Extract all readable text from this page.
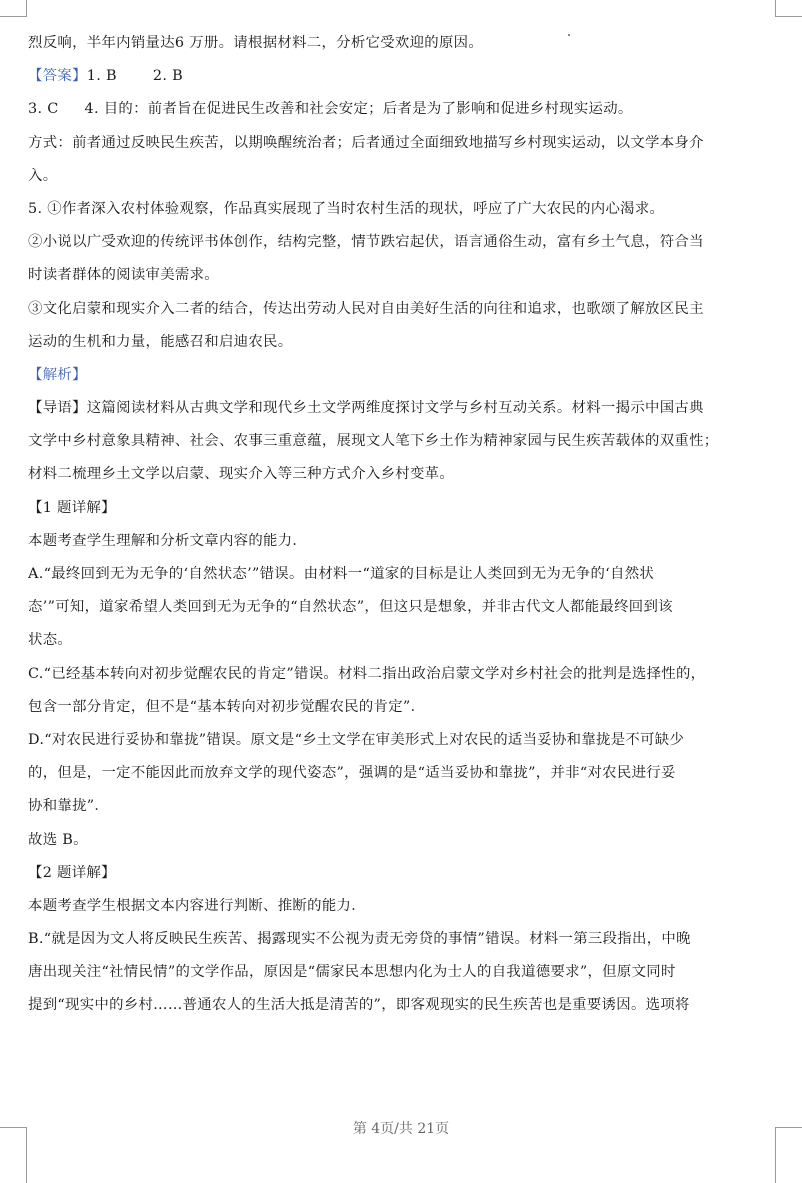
烈反响，半年内销量达6 万册。请根据材料二，分析它受欢迎的原因。
【答案】1. B	2. B
3. C 4. 目的：前者旨在促进民生改善和社会安定；后者是为了影响和促进乡村现实运动。
方式：前者通过反映民生疾苦，以期唤醒统治者；后者通过全面细致地描写乡村现实运动，以文学本身介
入。
5. ①作者深入农村体验观察，作品真实展现了当时农村生活的现状，呼应了广大农民的内心渴求。
②小说以广受欢迎的传统评书体创作，结构完整，情节跌宕起伏，语言通俗生动，富有乡土气息，符合当
时读者群体的阅读审美需求。
③文化启蒙和现实介入二者的结合，传达出劳动人民对自由美好生活的向往和追求，也歌颂了解放区民主
运动的生机和力量，能感召和启迪农民。
【解析】
【导语】这篇阅读材料从古典文学和现代乡土文学两维度探讨文学与乡村互动关系。材料一揭示中国古典
文学中乡村意象具精神、社会、农事三重意蕴，展现文人笔下乡土作为精神家园与民生疾苦载体的双重性；
材料二梳理乡土文学以启蒙、现实介入等三种方式介入乡村变革。
【1 题详解】
本题考查学生理解和分析文章内容的能力．
A.“最终回到无为无争的‘自然状态’”错误。由材料一“道家的目标是让人类回到无为无争的‘自然状
态’”可知，道家希望人类回到无为无争的“自然状态”，但这只是想象，并非古代文人都能最终回到该
状态。
C.“已经基本转向对初步觉醒农民的肯定”错误。材料二指出政治启蒙文学对乡村社会的批判是选择性的，
包含一部分肯定，但不是“基本转向对初步觉醒农民的肯定”．
D.“对农民进行妥协和靠拢”错误。原文是“乡土文学在审美形式上对农民的适当妥协和靠拢是不可缺少
的，但是，一定不能因此而放弃文学的现代姿态”，强调的是“适当妥协和靠拢”，并非“对农民进行妥
协和靠拢”．
故选 B。
【2 题详解】
本题考查学生根据文本内容进行判断、推断的能力．
B.“就是因为文人将反映民生疾苦、揭露现实不公视为责无旁贷的事情”错误。材料一第三段指出，中晚
唐出现关注“社情民情”的文学作品，原因是“儒家民本思想内化为士人的自我道德要求”，但原文同时
提到“现实中的乡村……普通农人的生活大抵是清苦的”，即客观现实的民生疾苦也是重要诱因。选项将
第 4页/共 21页
